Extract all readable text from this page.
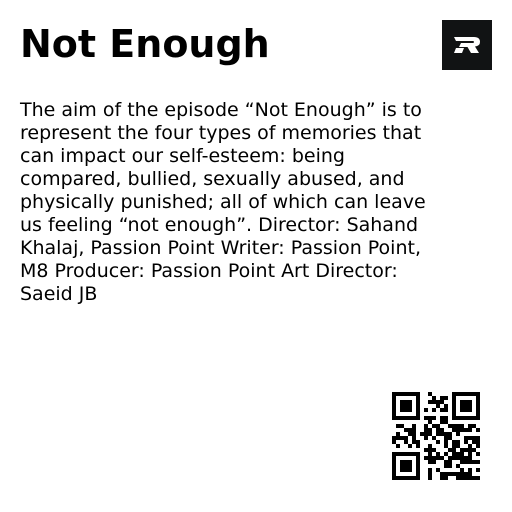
Not Enough

The aim of the episode “Not Enough” is to represent the four types of memories that can impact our self-esteem: being compared, bullied, sexually abused, and physically punished; all of which can leave us feeling “not enough”. Director: Sahand Khalaj, Passion Point Writer: Passion Point, M8 Producer: Passion Point Art Director: Saeid JB
